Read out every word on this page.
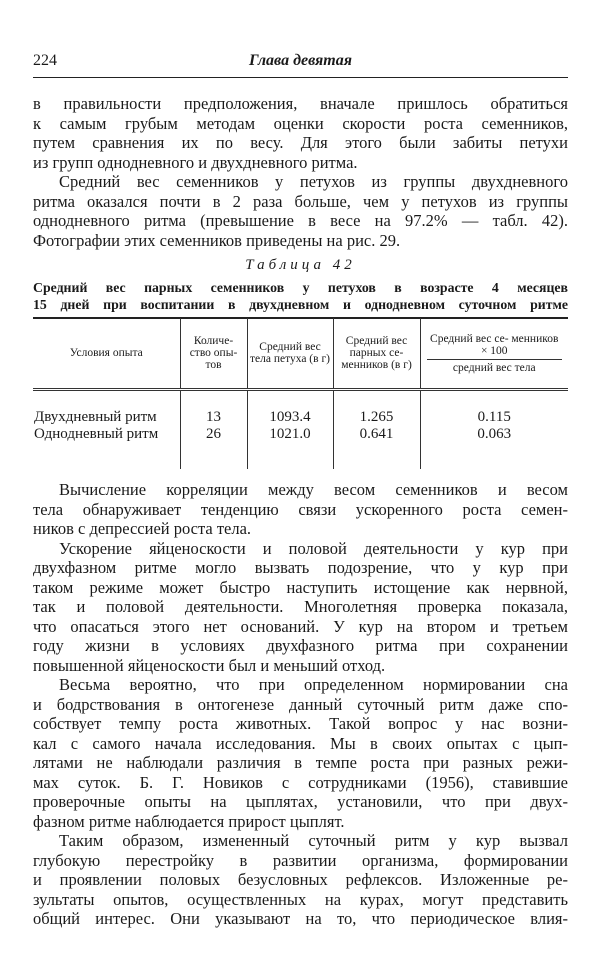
224	Глава девятая
в правильности предположения, вначале пришлось обратиться
к самым грубым методам оценки скорости роста семенников,
путем сравнения их по весу. Для этого были забиты петухи
из групп однодневного и двухдневного ритма.
Средний вес семенников у петухов из группы двухдневного
ритма оказался почти в 2 раза больше, чем у петухов из группы
однодневного ритма (превышение в весе на 97.2% — табл. 42).
Фотографии этих семенников приведены на рис. 29.
Таблица 42
Средний вес парных семенников у петухов в возрасте 4 месяцев
15 дней при воспитании в двухдневном и однодневном суточном ритме
Условия опыта	Количе- ство опы- тов	Средний вес тела петуха (в г)	Средний вес парных се- менников (в г)	Средний вес се- менников × 100
средний вес тела

Двухдневный ритм	13	1093.4	1.265	0.115
Однодневный ритм	26	1021.0	0.641	0.063

Вычисление корреляции между весом семенников и весом
тела обнаруживает тенденцию связи ускоренного роста семен-
ников с депрессией роста тела.
Ускорение яйценоскости и половой деятельности у кур при
двухфазном ритме могло вызвать подозрение, что у кур при
таком режиме может быстро наступить истощение как нервной,
так и половой деятельности. Многолетняя проверка показала,
что опасаться этого нет оснований. У кур на втором и третьем
году жизни в условиях двухфазного ритма при сохранении
повышенной яйценоскости был и меньший отход.
Весьма вероятно, что при определенном нормировании сна
и бодрствования в онтогенезе данный суточный ритм даже спо-
собствует темпу роста животных. Такой вопрос у нас возни-
кал с самого начала исследования. Мы в своих опытах с цып-
лятами не наблюдали различия в темпе роста при разных режи-
мах суток. Б. Г. Новиков с сотрудниками (1956), ставившие
проверочные опыты на цыплятах, установили, что при двух-
фазном ритме наблюдается прирост цыплят.
Таким образом, измененный суточный ритм у кур вызвал
глубокую перестройку в развитии организма, формировании
и проявлении половых безусловных рефлексов. Изложенные ре-
зультаты опытов, осуществленных на курах, могут представить
общий интерес. Они указывают на то, что периодическое влия-
